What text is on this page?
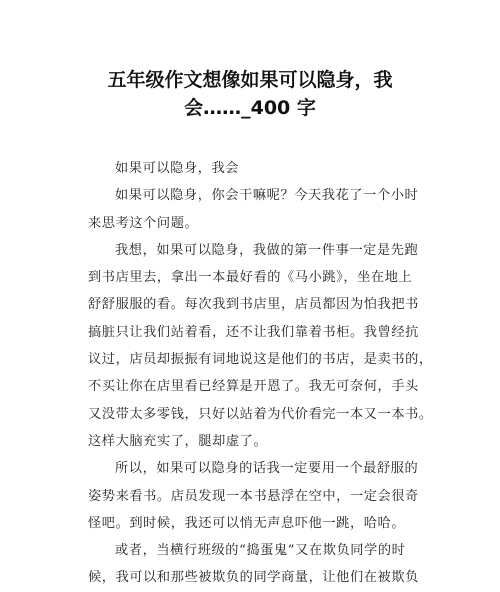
五年级作文想像如果可以隐身，我
会……_400 字
如果可以隐身，我会
如果可以隐身，你会干嘛呢？今天我花了一个小时
来思考这个问题。
我想，如果可以隐身，我做的第一件事一定是先跑
到书店里去，拿出一本最好看的《马小跳》，坐在地上
舒舒服服的看。每次我到书店里，店员都因为怕我把书
搞脏只让我们站着看，还不让我们靠着书柜。我曾经抗
议过，店员却振振有词地说这是他们的书店，是卖书的，
不买让你在店里看已经算是开恩了。我无可奈何，手头
又没带太多零钱，只好以站着为代价看完一本又一本书。
这样大脑充实了，腿却虚了。
所以，如果可以隐身的话我一定要用一个最舒服的
姿势来看书。店员发现一本书悬浮在空中，一定会很奇
怪吧。到时候，我还可以悄无声息吓他一跳，哈哈。
或者，当横行班级的“捣蛋鬼”又在欺负同学的时
候，我可以和那些被欺负的同学商量，让他们在被欺负
